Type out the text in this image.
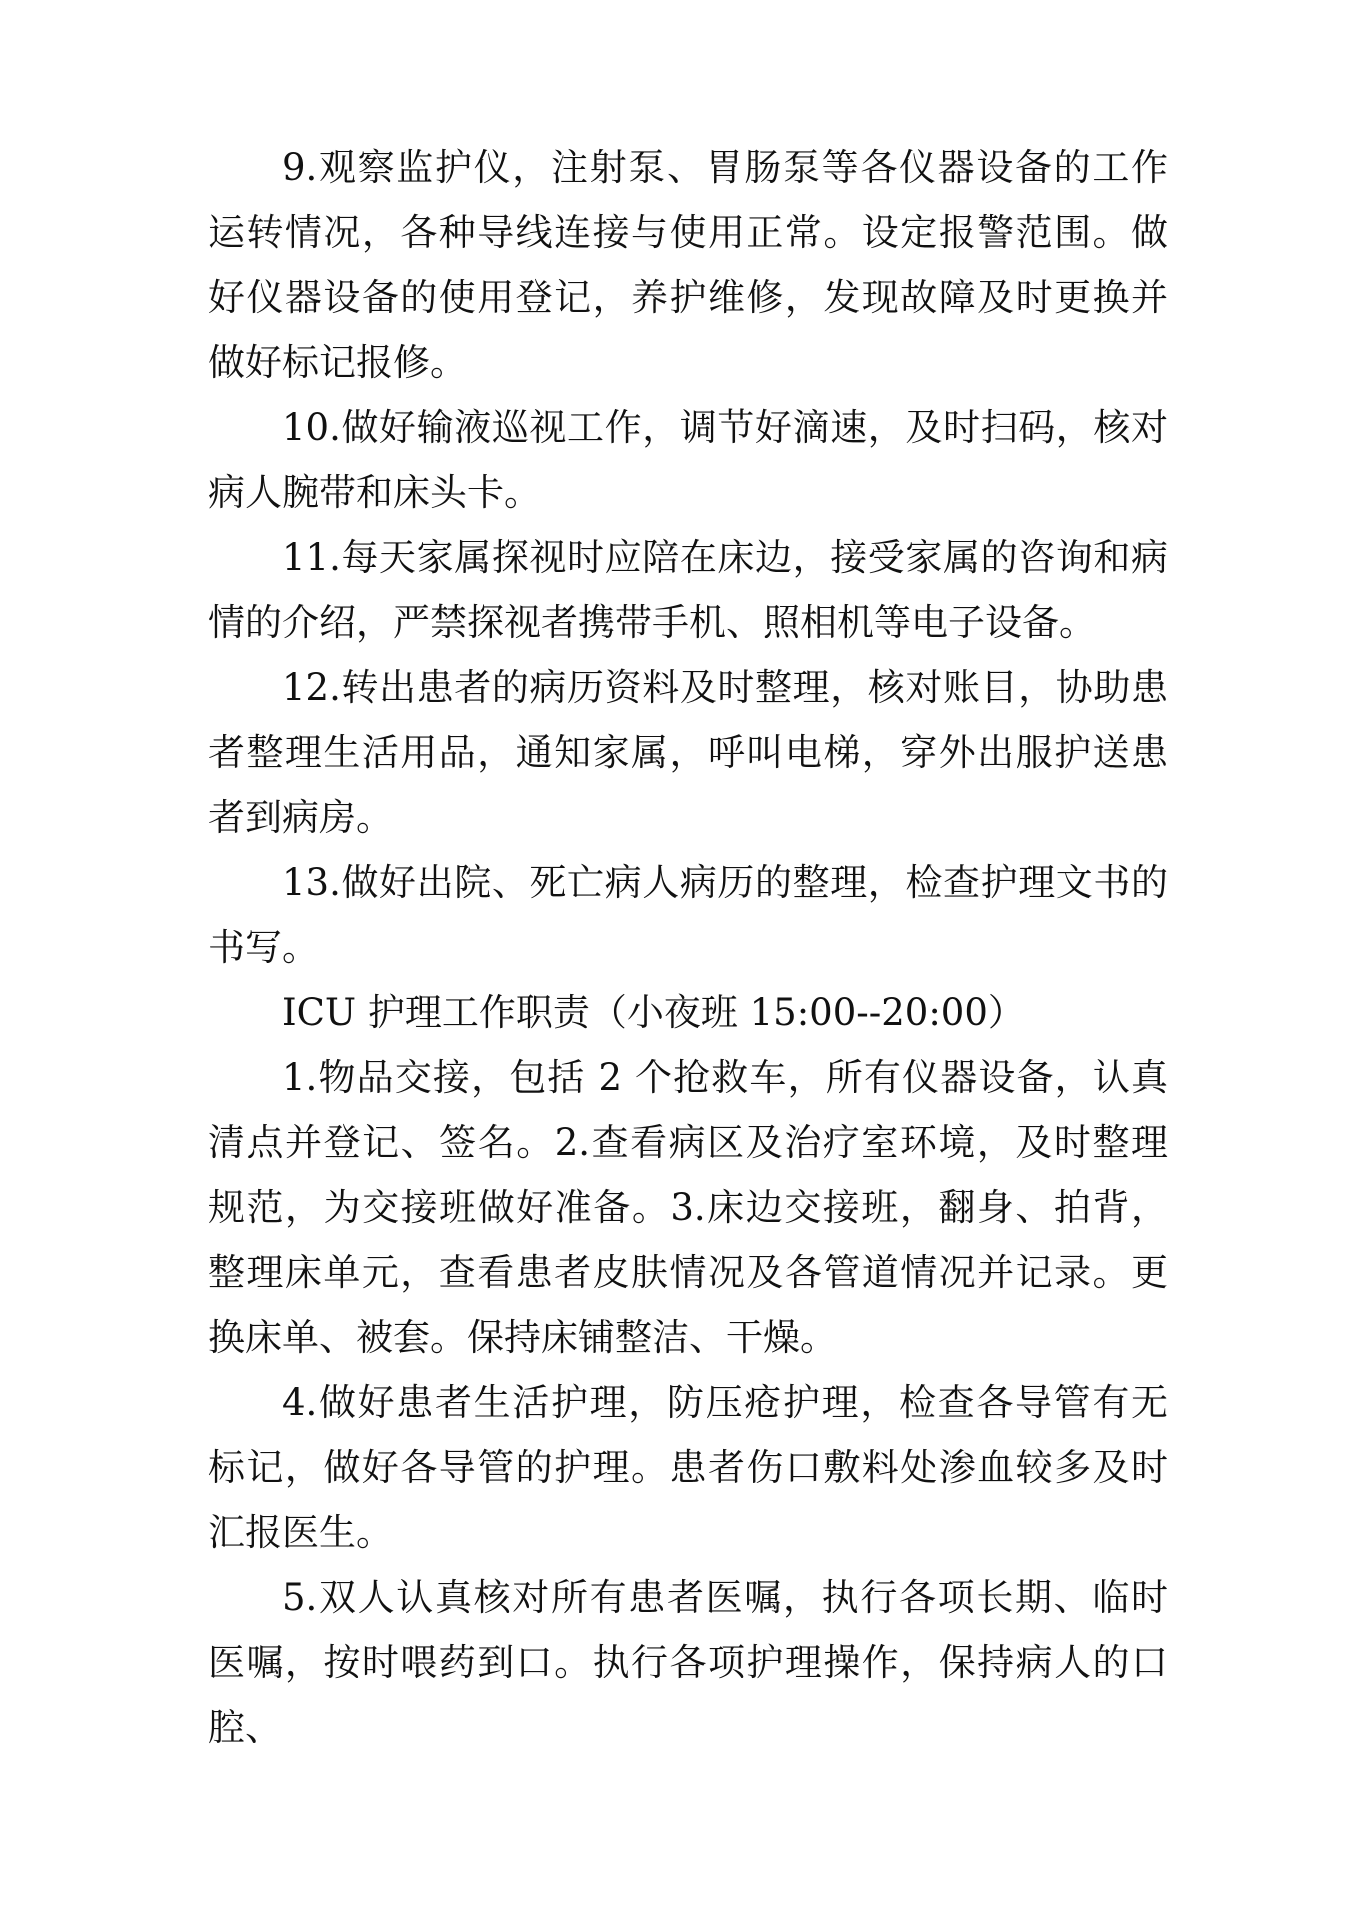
9.观察监护仪，注射泵、胃肠泵等各仪器设备的工作运转情况，各种导线连接与使用正常。设定报警范围。做好仪器设备的使用登记，养护维修，发现故障及时更换并做好标记报修。

10.做好输液巡视工作，调节好滴速，及时扫码，核对病人腕带和床头卡。

11.每天家属探视时应陪在床边，接受家属的咨询和病情的介绍，严禁探视者携带手机、照相机等电子设备。

12.转出患者的病历资料及时整理，核对账目，协助患者整理生活用品，通知家属，呼叫电梯，穿外出服护送患者到病房。

13.做好出院、死亡病人病历的整理，检查护理文书的书写。

ICU 护理工作职责（小夜班 15:00--20:00）

1.物品交接，包括 2 个抢救车，所有仪器设备，认真清点并登记、签名。2.查看病区及治疗室环境，及时整理规范，为交接班做好准备。3.床边交接班，翻身、拍背，整理床单元，查看患者皮肤情况及各管道情况并记录。更换床单、被套。保持床铺整洁、干燥。

4.做好患者生活护理，防压疮护理，检查各导管有无标记，做好各导管的护理。患者伤口敷料处渗血较多及时汇报医生。

5.双人认真核对所有患者医嘱，执行各项长期、临时医嘱，按时喂药到口。执行各项护理操作，保持病人的口腔、
